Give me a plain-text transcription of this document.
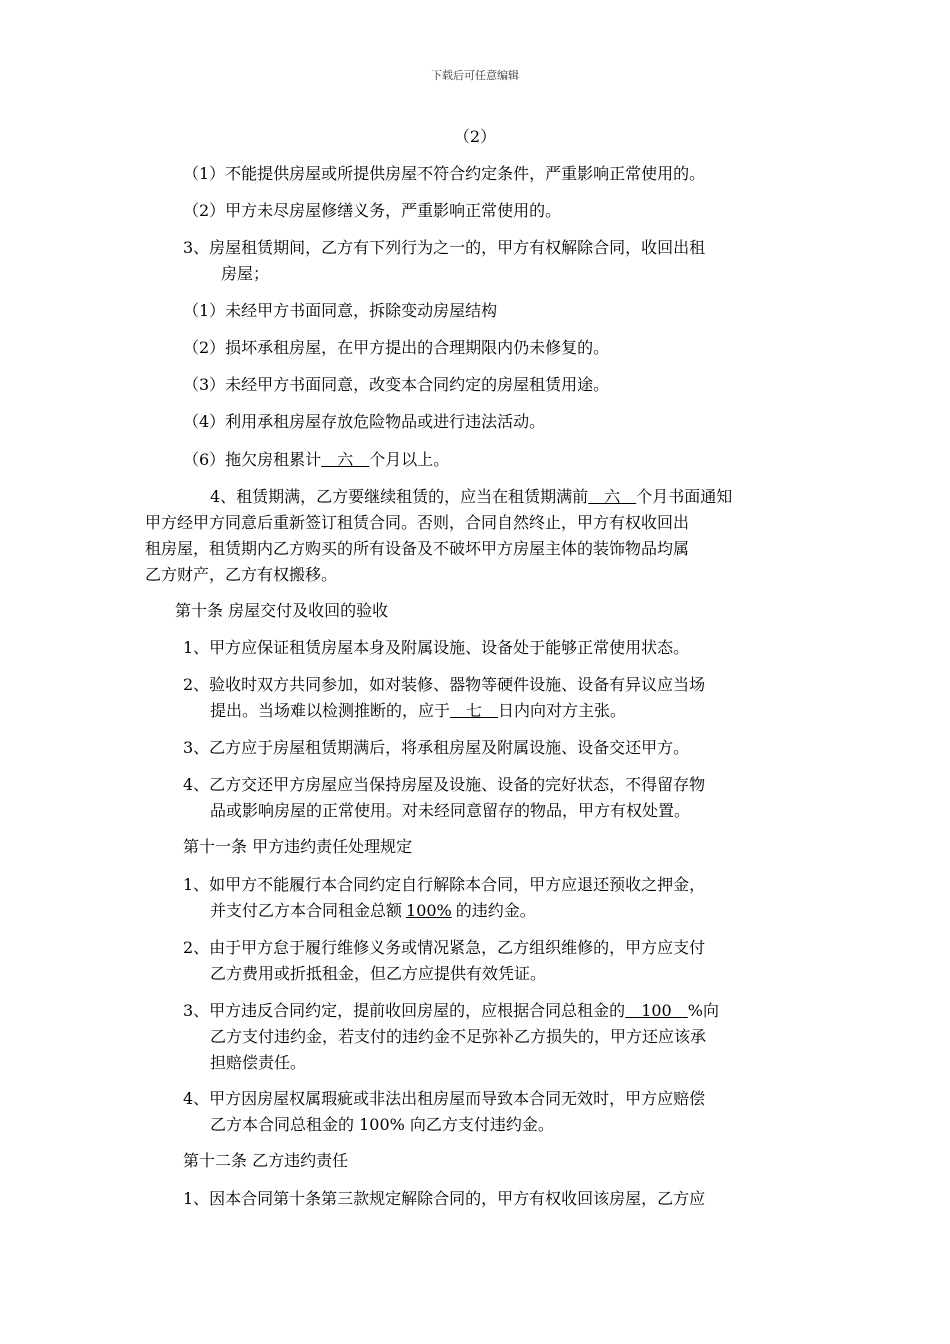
下载后可任意编辑
（2）
（1）不能提供房屋或所提供房屋不符合约定条件，严重影响正常使用的。
（2）甲方未尽房屋修缮义务，严重影响正常使用的。
3、房屋租赁期间，乙方有下列行为之一的，甲方有权解除合同，收回出租
房屋；
（1）未经甲方书面同意，拆除变动房屋结构
（2）损坏承租房屋，在甲方提出的合理期限内仍未修复的。
（3）未经甲方书面同意，改变本合同约定的房屋租赁用途。
（4）利用承租房屋存放危险物品或进行违法活动。
（6）拖欠房租累计　六　个月以上。
4、租赁期满，乙方要继续租赁的，应当在租赁期满前　六　个月书面通知
甲方经甲方同意后重新签订租赁合同。否则，合同自然终止，甲方有权收回出
租房屋，租赁期内乙方购买的所有设备及不破坏甲方房屋主体的装饰物品均属
乙方财产，乙方有权搬移。
第十条 房屋交付及收回的验收
1、甲方应保证租赁房屋本身及附属设施、设备处于能够正常使用状态。
2、验收时双方共同参加，如对装修、器物等硬件设施、设备有异议应当场
提出。当场难以检测推断的，应于　七　日内向对方主张。
3、乙方应于房屋租赁期满后，将承租房屋及附属设施、设备交还甲方。
4、乙方交还甲方房屋应当保持房屋及设施、设备的完好状态，不得留存物
品或影响房屋的正常使用。对未经同意留存的物品，甲方有权处置。
第十一条 甲方违约责任处理规定
1、如甲方不能履行本合同约定自行解除本合同，甲方应退还预收之押金，
并支付乙方本合同租金总额 100% 的违约金。
2、由于甲方怠于履行维修义务或情况紧急，乙方组织维修的，甲方应支付
乙方费用或折抵租金，但乙方应提供有效凭证。
3、甲方违反合同约定，提前收回房屋的，应根据合同总租金的　100　%向
乙方支付违约金，若支付的违约金不足弥补乙方损失的，甲方还应该承
担赔偿责任。
4、甲方因房屋权属瑕疵或非法出租房屋而导致本合同无效时，甲方应赔偿
乙方本合同总租金的 100% 向乙方支付违约金。
第十二条 乙方违约责任
1、因本合同第十条第三款规定解除合同的，甲方有权收回该房屋，乙方应
